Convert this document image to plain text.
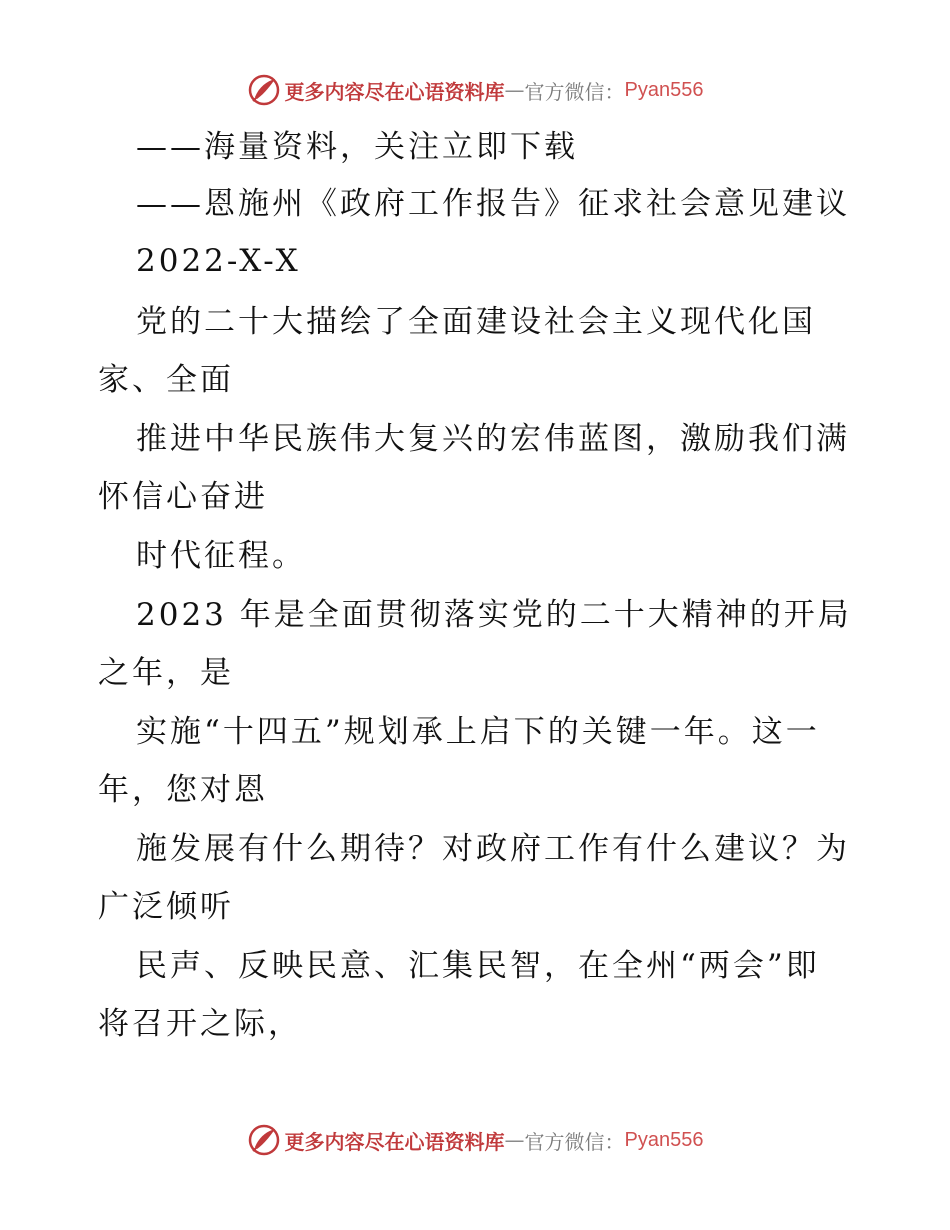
更多内容尽在心语资料库 — 官方微信： Pyan556
——海量资料，关注立即下载
——恩施州《政府工作报告》征求社会意见建议
2022-X-X
党的二十大描绘了全面建设社会主义现代化国
家、全面
推进中华民族伟大复兴的宏伟蓝图，激励我们满
怀信心奋进
时代征程。
2023 年是全面贯彻落实党的二十大精神的开局
之年，是
实施“十四五”规划承上启下的关键一年。这一
年，您对恩
施发展有什么期待？对政府工作有什么建议？为
广泛倾听
民声、反映民意、汇集民智，在全州“两会”即
将召开之际，
更多内容尽在心语资料库 — 官方微信： Pyan556
